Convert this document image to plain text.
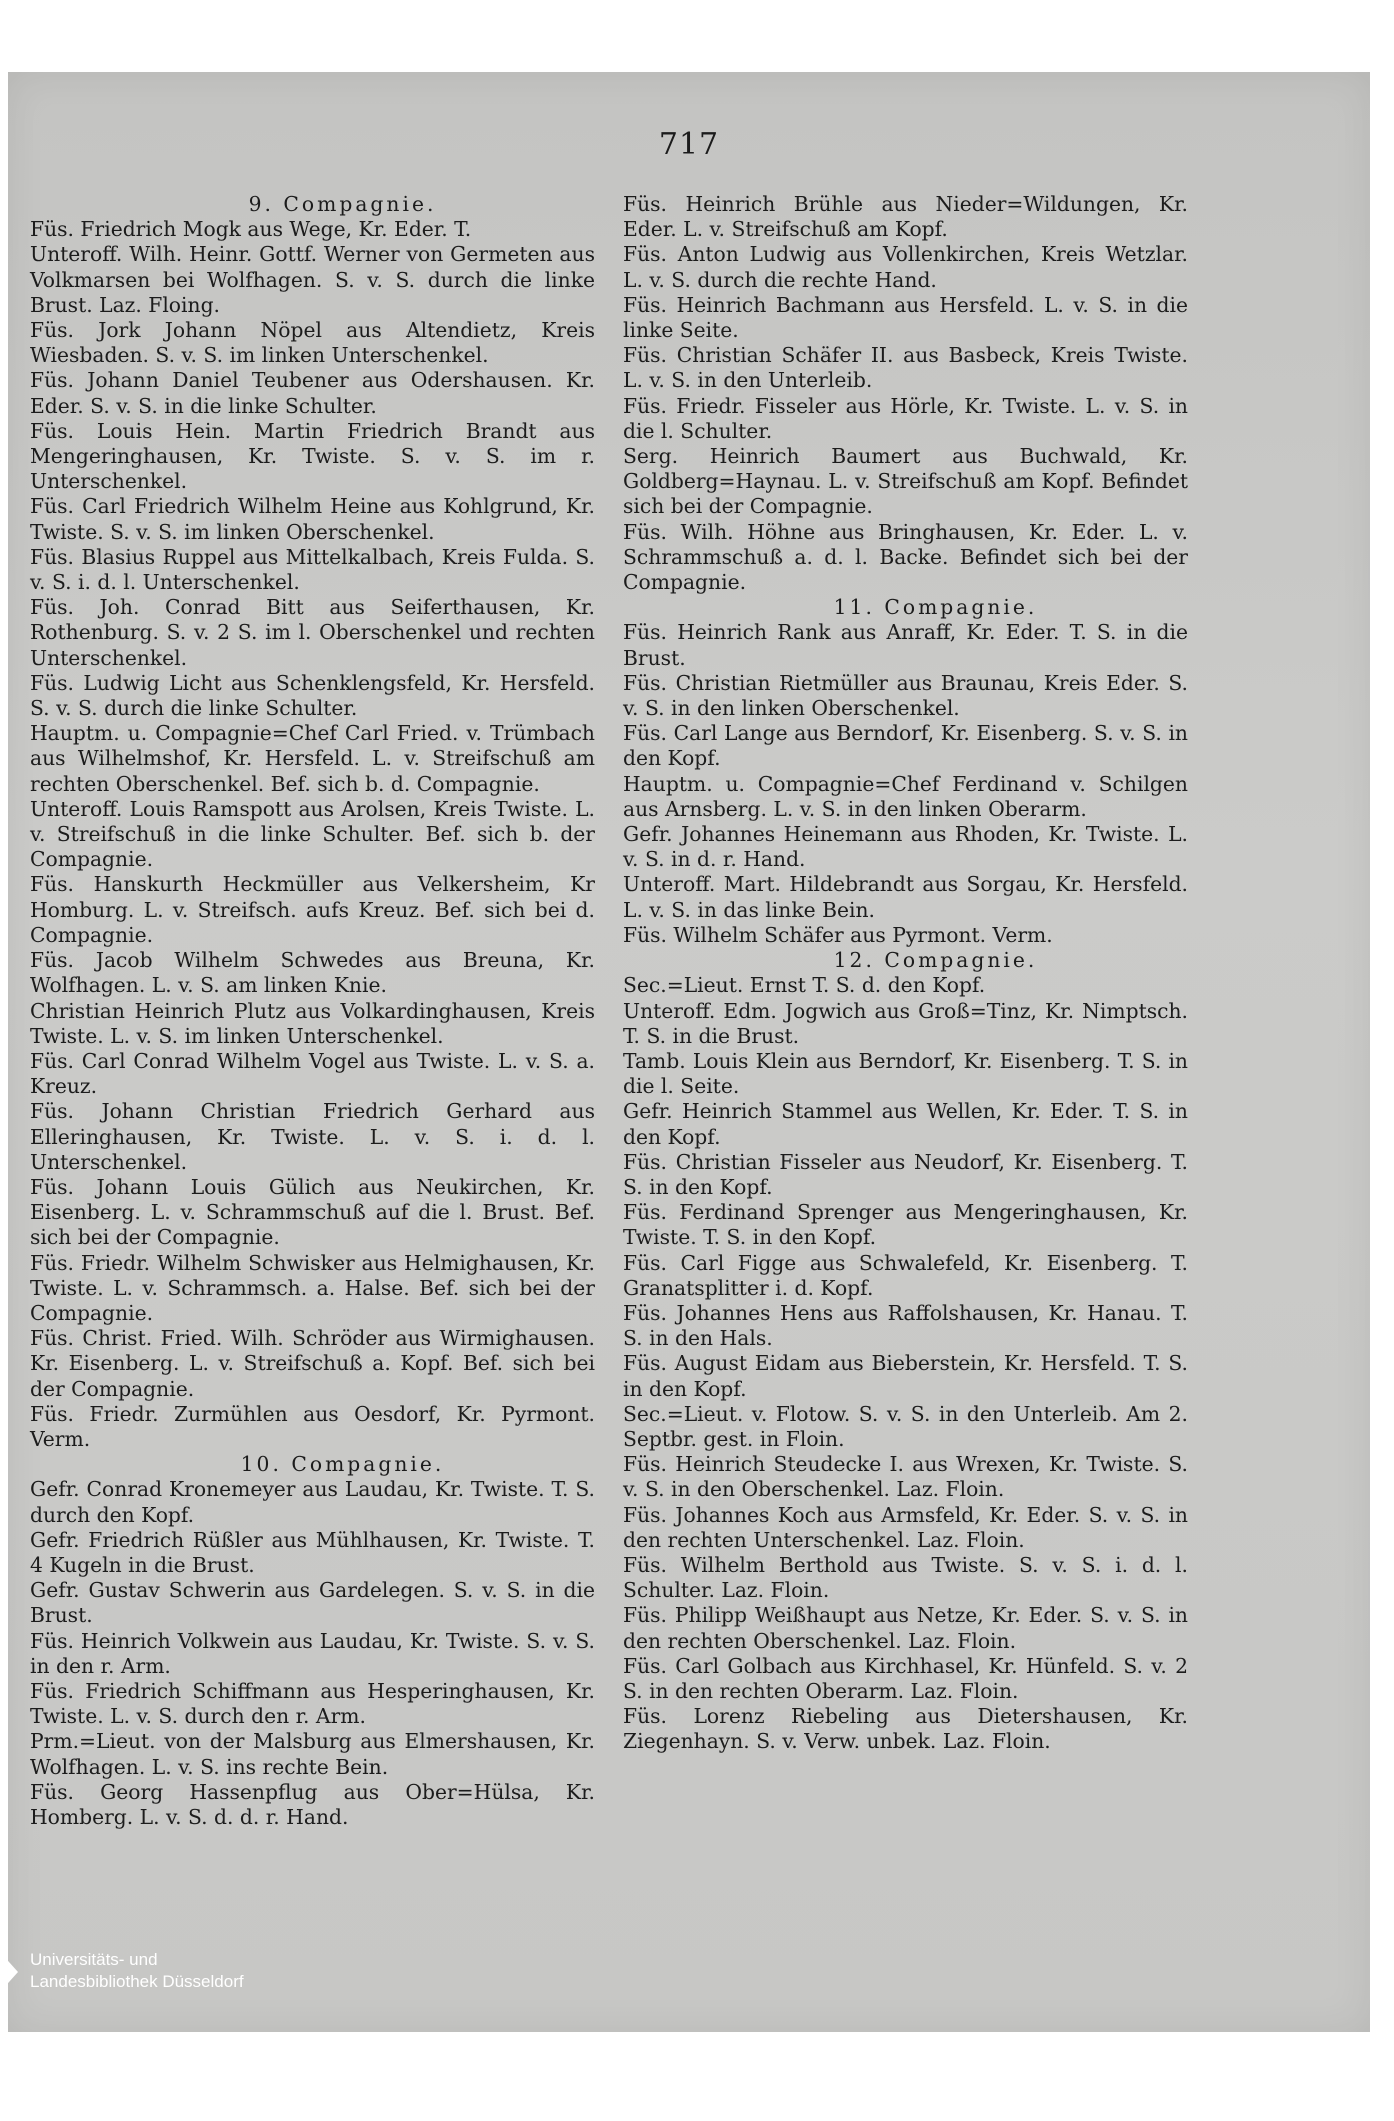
717

9. Compagnie.

Füs. Friedrich Mogk aus Wege, Kr. Eder. T.

Unteroff. Wilh. Heinr. Gottf. Werner von Germeten aus Volkmarsen bei Wolfhagen. S. v. S. durch die linke Brust. Laz. Floing.

Füs. Jork Johann Nöpel aus Altendietz, Kreis Wiesbaden. S. v. S. im linken Unterschenkel.

Füs. Johann Daniel Teubener aus Odershausen. Kr. Eder. S. v. S. in die linke Schulter.

Füs. Louis Hein. Martin Friedrich Brandt aus Mengeringhausen, Kr. Twiste. S. v. S. im r. Unterschenkel.

Füs. Carl Friedrich Wilhelm Heine aus Kohlgrund, Kr. Twiste. S. v. S. im linken Oberschenkel.

Füs. Blasius Ruppel aus Mittelkalbach, Kreis Fulda. S. v. S. i. d. l. Unterschenkel.

Füs. Joh. Conrad Bitt aus Seiferthausen, Kr. Rothenburg. S. v. 2 S. im l. Oberschenkel und rechten Unterschenkel.

Füs. Ludwig Licht aus Schenklengsfeld, Kr. Hersfeld. S. v. S. durch die linke Schulter.

Hauptm. u. Compagnie=Chef Carl Fried. v. Trümbach aus Wilhelmshof, Kr. Hersfeld. L. v. Streifschuß am rechten Oberschenkel. Bef. sich b. d. Compagnie.

Unteroff. Louis Ramspott aus Arolsen, Kreis Twiste. L. v. Streifschuß in die linke Schulter. Bef. sich b. der Compagnie.

Füs. Hanskurth Heckmüller aus Velkersheim, Kr Homburg. L. v. Streifsch. aufs Kreuz. Bef. sich bei d. Compagnie.

Füs. Jacob Wilhelm Schwedes aus Breuna, Kr. Wolfhagen. L. v. S. am linken Knie.

Christian Heinrich Plutz aus Volkardinghausen, Kreis Twiste. L. v. S. im linken Unterschenkel.

Füs. Carl Conrad Wilhelm Vogel aus Twiste. L. v. S. a. Kreuz.

Füs. Johann Christian Friedrich Gerhard aus Elleringhausen, Kr. Twiste. L. v. S. i. d. l. Unterschenkel.

Füs. Johann Louis Gülich aus Neukirchen, Kr. Eisenberg. L. v. Schrammschuß auf die l. Brust. Bef. sich bei der Compagnie.

Füs. Friedr. Wilhelm Schwisker aus Helmighausen, Kr. Twiste. L. v. Schrammsch. a. Halse. Bef. sich bei der Compagnie.

Füs. Christ. Fried. Wilh. Schröder aus Wirmighausen. Kr. Eisenberg. L. v. Streifschuß a. Kopf. Bef. sich bei der Compagnie.

Füs. Friedr. Zurmühlen aus Oesdorf, Kr. Pyrmont. Verm.

10. Compagnie.

Gefr. Conrad Kronemeyer aus Laudau, Kr. Twiste. T. S. durch den Kopf.

Gefr. Friedrich Rüßler aus Mühlhausen, Kr. Twiste. T. 4 Kugeln in die Brust.

Gefr. Gustav Schwerin aus Gardelegen. S. v. S. in die Brust.

Füs. Heinrich Volkwein aus Laudau, Kr. Twiste. S. v. S. in den r. Arm.

Füs. Friedrich Schiffmann aus Hesperinghausen, Kr. Twiste. L. v. S. durch den r. Arm.

Prm.=Lieut. von der Malsburg aus Elmershausen, Kr. Wolfhagen. L. v. S. ins rechte Bein.

Füs. Georg Hassenpflug aus Ober=Hülsa, Kr. Homberg. L. v. S. d. d. r. Hand.

Füs. Heinrich Brühle aus Nieder=Wildungen, Kr. Eder. L. v. Streifschuß am Kopf.

Füs. Anton Ludwig aus Vollenkirchen, Kreis Wetzlar. L. v. S. durch die rechte Hand.

Füs. Heinrich Bachmann aus Hersfeld. L. v. S. in die linke Seite.

Füs. Christian Schäfer II. aus Basbeck, Kreis Twiste. L. v. S. in den Unterleib.

Füs. Friedr. Fisseler aus Hörle, Kr. Twiste. L. v. S. in die l. Schulter.

Serg. Heinrich Baumert aus Buchwald, Kr. Goldberg=Haynau. L. v. Streifschuß am Kopf. Befindet sich bei der Compagnie.

Füs. Wilh. Höhne aus Bringhausen, Kr. Eder. L. v. Schrammschuß a. d. l. Backe. Befindet sich bei der Compagnie.

11. Compagnie.

Füs. Heinrich Rank aus Anraff, Kr. Eder. T. S. in die Brust.

Füs. Christian Rietmüller aus Braunau, Kreis Eder. S. v. S. in den linken Oberschenkel.

Füs. Carl Lange aus Berndorf, Kr. Eisenberg. S. v. S. in den Kopf.

Hauptm. u. Compagnie=Chef Ferdinand v. Schilgen aus Arnsberg. L. v. S. in den linken Oberarm.

Gefr. Johannes Heinemann aus Rhoden, Kr. Twiste. L. v. S. in d. r. Hand.

Unteroff. Mart. Hildebrandt aus Sorgau, Kr. Hersfeld. L. v. S. in das linke Bein.

Füs. Wilhelm Schäfer aus Pyrmont. Verm.

12. Compagnie.

Sec.=Lieut. Ernst T. S. d. den Kopf.

Unteroff. Edm. Jogwich aus Groß=Tinz, Kr. Nimptsch. T. S. in die Brust.

Tamb. Louis Klein aus Berndorf, Kr. Eisenberg. T. S. in die l. Seite.

Gefr. Heinrich Stammel aus Wellen, Kr. Eder. T. S. in den Kopf.

Füs. Christian Fisseler aus Neudorf, Kr. Eisenberg. T. S. in den Kopf.

Füs. Ferdinand Sprenger aus Mengeringhausen, Kr. Twiste. T. S. in den Kopf.

Füs. Carl Figge aus Schwalefeld, Kr. Eisenberg. T. Granatsplitter i. d. Kopf.

Füs. Johannes Hens aus Raffolshausen, Kr. Hanau. T. S. in den Hals.

Füs. August Eidam aus Bieberstein, Kr. Hersfeld. T. S. in den Kopf.

Sec.=Lieut. v. Flotow. S. v. S. in den Unterleib. Am 2. Septbr. gest. in Floin.

Füs. Heinrich Steudecke I. aus Wrexen, Kr. Twiste. S. v. S. in den Oberschenkel. Laz. Floin.

Füs. Johannes Koch aus Armsfeld, Kr. Eder. S. v. S. in den rechten Unterschenkel. Laz. Floin.

Füs. Wilhelm Berthold aus Twiste. S. v. S. i. d. l. Schulter. Laz. Floin.

Füs. Philipp Weißhaupt aus Netze, Kr. Eder. S. v. S. in den rechten Oberschenkel. Laz. Floin.

Füs. Carl Golbach aus Kirchhasel, Kr. Hünfeld. S. v. 2 S. in den rechten Oberarm. Laz. Floin.

Füs. Lorenz Riebeling aus Dietershausen, Kr. Ziegenhayn. S. v. Verw. unbek. Laz. Floin.

Universitäts- und
Landesbibliothek Düsseldorf
